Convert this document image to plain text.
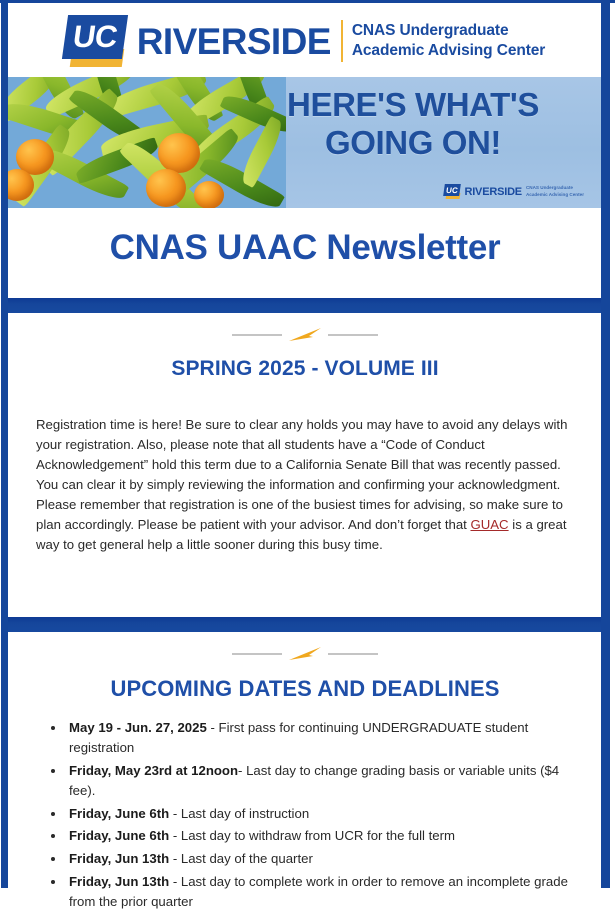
UC RIVERSIDE CNAS Undergraduate
Academic Advising Center
HERE'S WHAT'S
GOING ON!
UC RIVERSIDE CNAS Undergraduate
Academic Advising Center
CNAS UAAC Newsletter
SPRING 2025 - VOLUME III
Registration time is here! Be sure to clear any holds you may have to avoid any delays with your registration. Also, please note that all students have a “Code of Conduct Acknowledgement” hold this term due to a California Senate Bill that was recently passed. You can clear it by simply reviewing the information and confirming your acknowledgment. Please remember that registration is one of the busiest times for advising, so make sure to plan accordingly. Please be patient with your advisor. And don’t forget that GUAC is a great way to get general help a little sooner during this busy time.
UPCOMING DATES AND DEADLINES
• May 19 - Jun. 27, 2025 - First pass for continuing UNDERGRADUATE student registration
• Friday, May 23rd at 12noon- Last day to change grading basis or variable units ($4 fee).
• Friday, June 6th - Last day of instruction
• Friday, June 6th - Last day to withdraw from UCR for the full term
• Friday, Jun 13th - Last day of the quarter
• Friday, Jun 13th - Last day to complete work in order to remove an incomplete grade from the prior quarter
